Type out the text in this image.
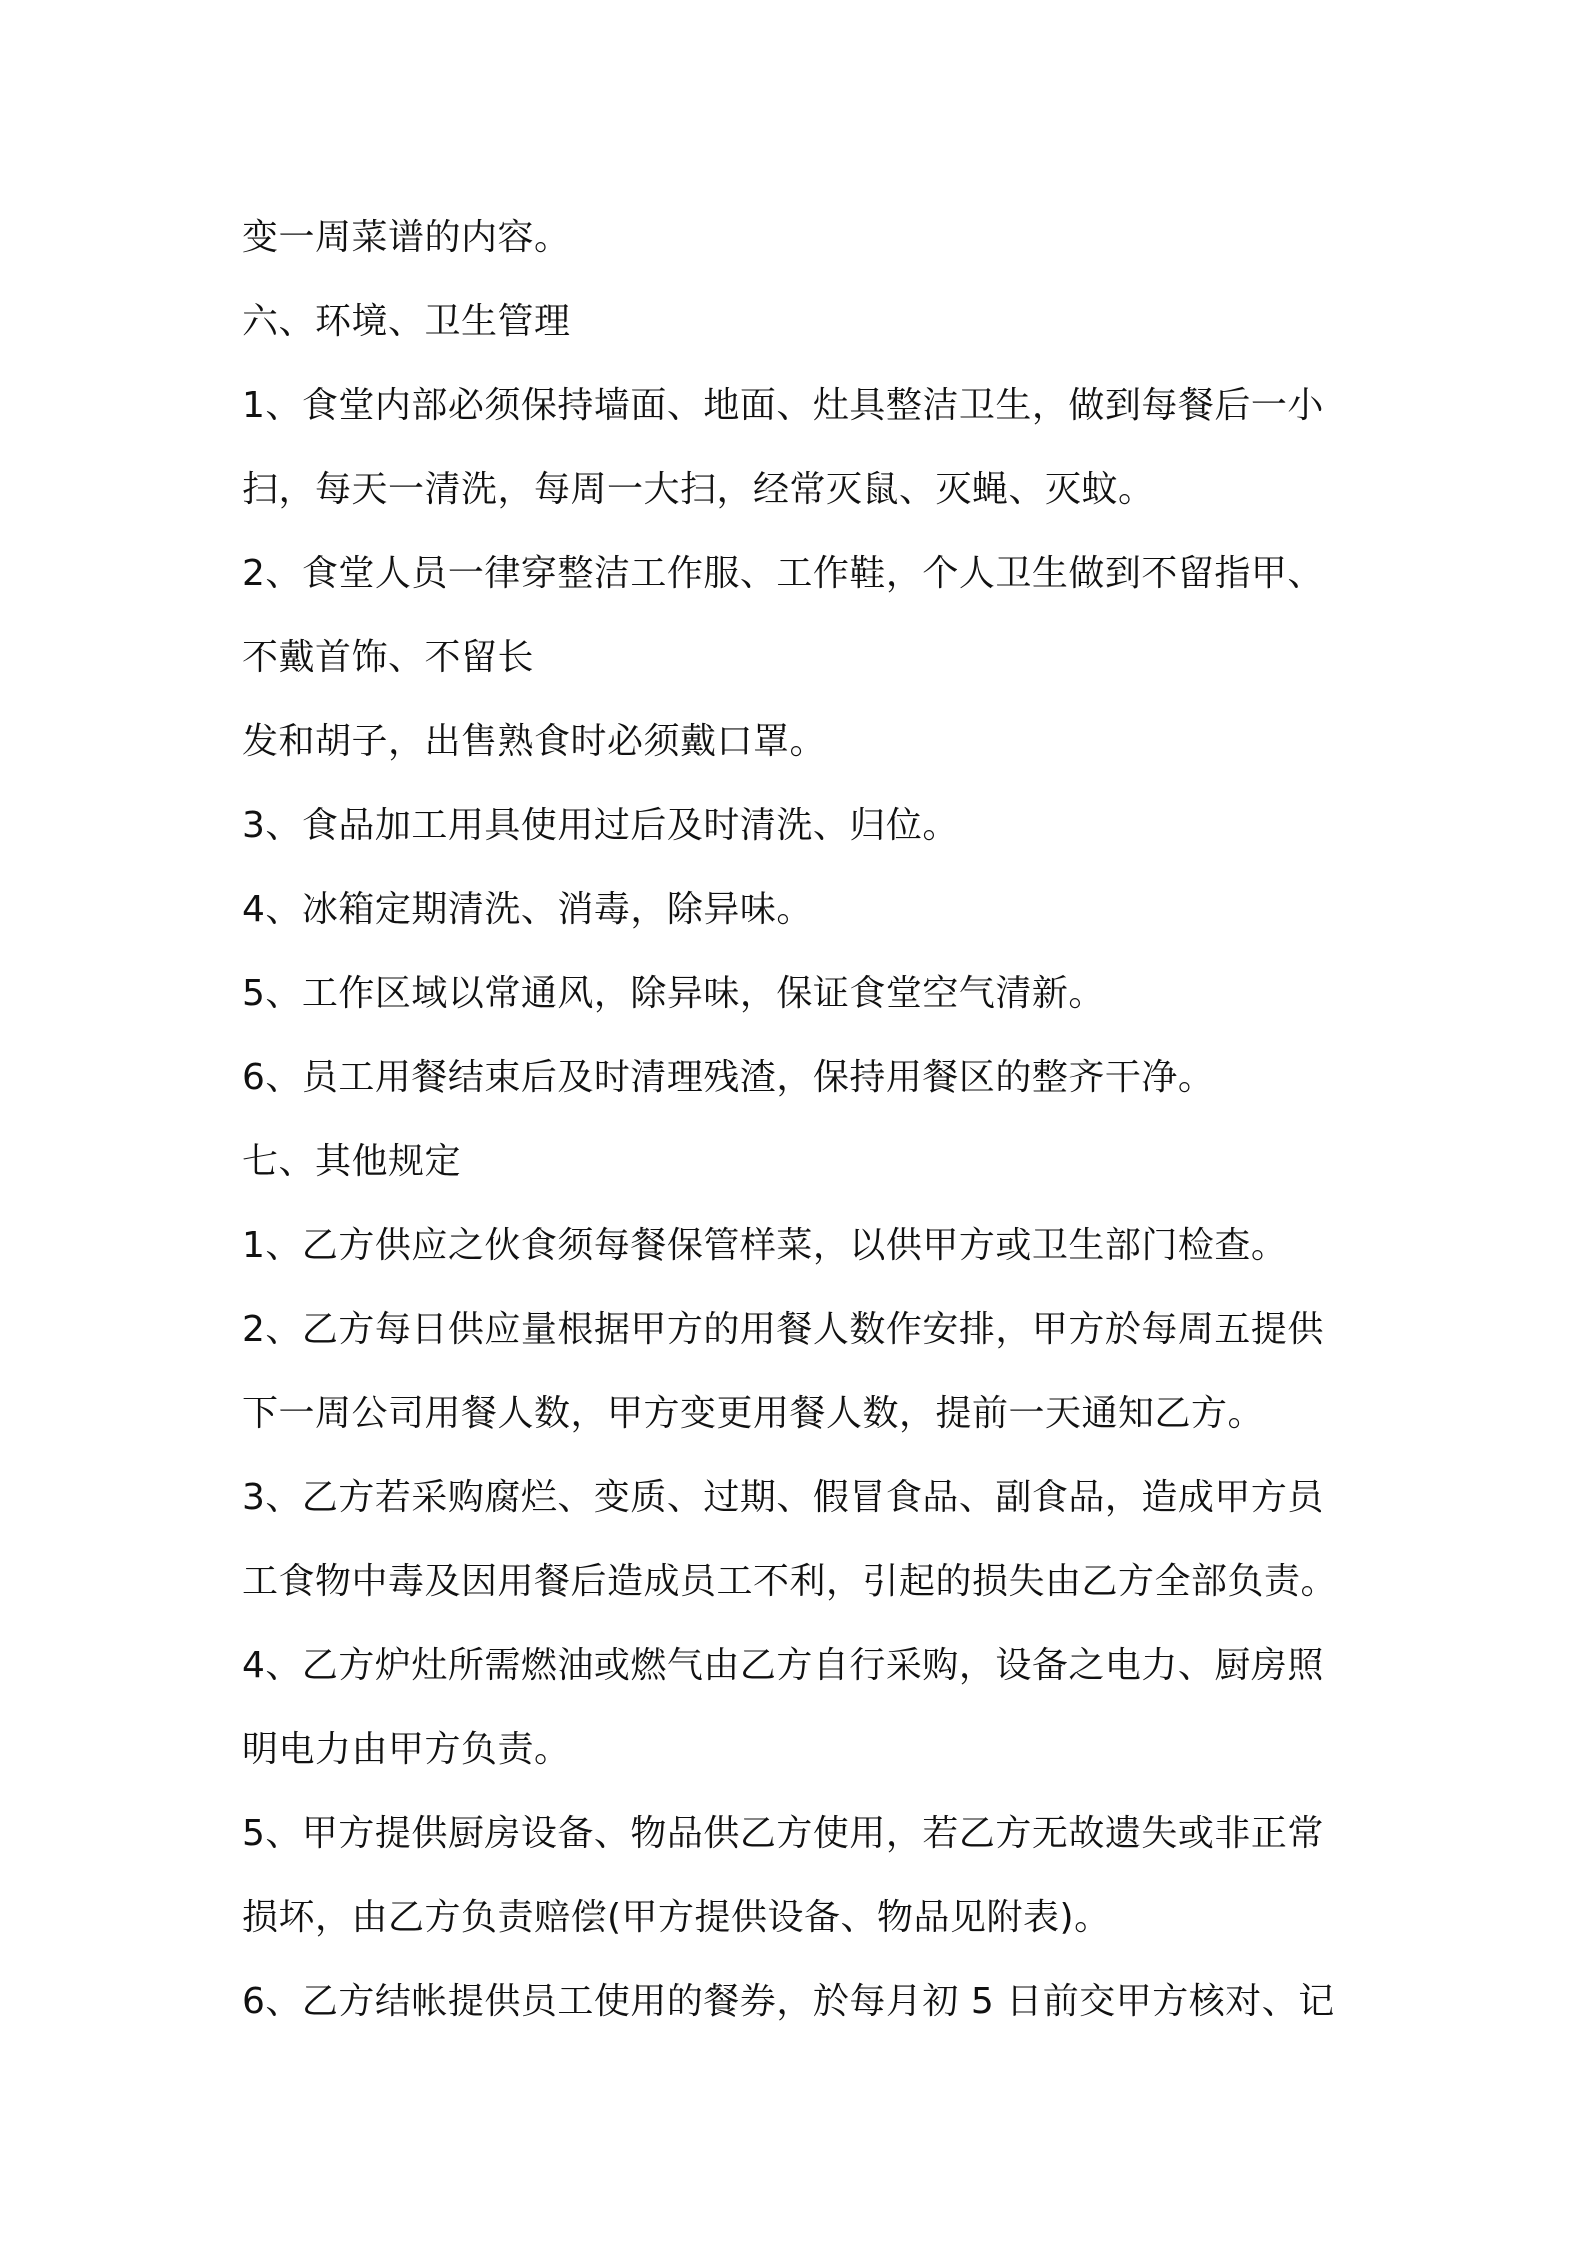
变一周菜谱的内容。
六、环境、卫生管理
1、食堂内部必须保持墙面、地面、灶具整洁卫生，做到每餐后一小
扫，每天一清洗，每周一大扫，经常灭鼠、灭蝇、灭蚊。
2、食堂人员一律穿整洁工作服、工作鞋，个人卫生做到不留指甲、
不戴首饰、不留长
发和胡子，出售熟食时必须戴口罩。
3、食品加工用具使用过后及时清洗、归位。
4、冰箱定期清洗、消毒，除异味。
5、工作区域以常通风，除异味，保证食堂空气清新。
6、员工用餐结束后及时清理残渣，保持用餐区的整齐干净。
七、其他规定
1、乙方供应之伙食须每餐保管样菜，以供甲方或卫生部门检查。
2、乙方每日供应量根据甲方的用餐人数作安排，甲方於每周五提供
下一周公司用餐人数，甲方变更用餐人数，提前一天通知乙方。
3、乙方若采购腐烂、变质、过期、假冒食品、副食品，造成甲方员
工食物中毒及因用餐后造成员工不利，引起的损失由乙方全部负责。
4、乙方炉灶所需燃油或燃气由乙方自行采购，设备之电力、厨房照
明电力由甲方负责。
5、甲方提供厨房设备、物品供乙方使用，若乙方无故遗失或非正常
损坏，由乙方负责赔偿(甲方提供设备、物品见附表)。
6、乙方结帐提供员工使用的餐券，於每月初 5 日前交甲方核对、记
